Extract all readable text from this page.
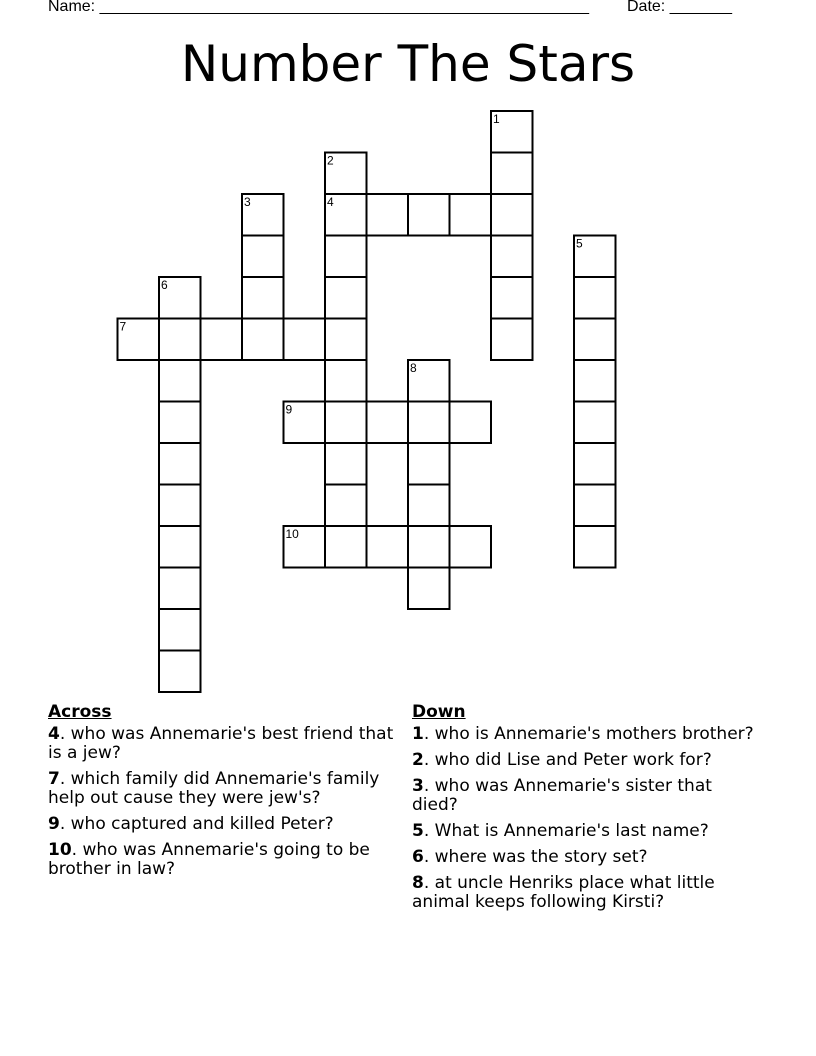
Name: _______________________________________________________ Date: _______
Number The Stars
1
2
3	4
5
6
7
8
9
10
Across
4. who was Annemarie's best friend that is a jew?
7. which family did Annemarie's family help out cause they were jew's?
9. who captured and killed Peter?
10. who was Annemarie's going to be brother in law?
Down
1. who is Annemarie's mothers brother?
2. who did Lise and Peter work for?
3. who was Annemarie's sister that died?
5. What is Annemarie's last name?
6. where was the story set?
8. at uncle Henriks place what little animal keeps following Kirsti?
